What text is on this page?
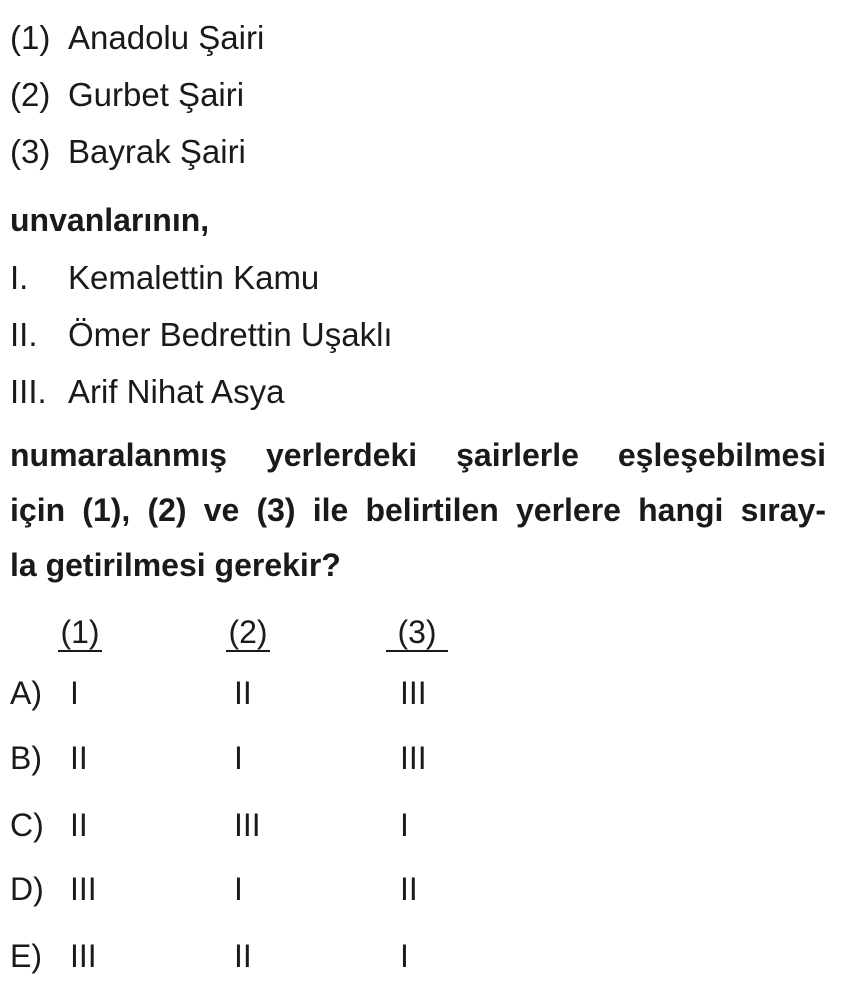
(1) Anadolu Şairi
(2) Gurbet Şairi
(3) Bayrak Şairi
unvanlarının,
I. Kemalettin Kamu
II. Ömer Bedrettin Uşaklı
III. Arif Nihat Asya
numaralanmış yerlerdeki şairlerle eşleşebilmesi
için (1), (2) ve (3) ile belirtilen yerlere hangi sıray-
la getirilmesi gerekir?
(1)	(2)	(3)
A) I	II	III
B) II	I	III
C) II	III	I
D) III	I	II
E) III	II	I
